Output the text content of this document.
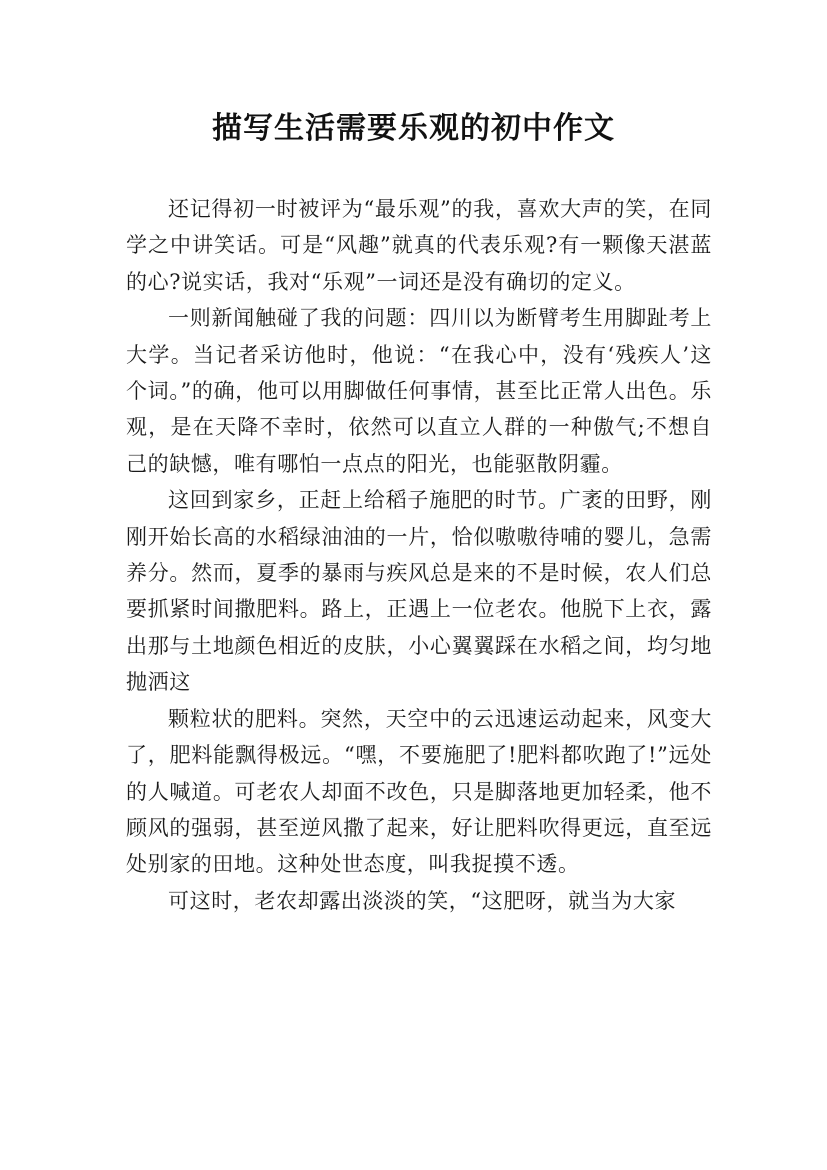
描写生活需要乐观的初中作文

还记得初一时被评为“最乐观”的我，喜欢大声的笑，在同学之中讲笑话。可是“风趣”就真的代表乐观?有一颗像天湛蓝的心?说实话，我对“乐观”一词还是没有确切的定义。

一则新闻触碰了我的问题：四川以为断臂考生用脚趾考上大学。当记者采访他时，他说：“在我心中，没有‘残疾人’这个词。”的确，他可以用脚做任何事情，甚至比正常人出色。乐观，是在天降不幸时，依然可以直立人群的一种傲气;不想自己的缺憾，唯有哪怕一点点的阳光，也能驱散阴霾。

这回到家乡，正赶上给稻子施肥的时节。广袤的田野，刚刚开始长高的水稻绿油油的一片，恰似嗷嗷待哺的婴儿，急需养分。然而，夏季的暴雨与疾风总是来的不是时候，农人们总要抓紧时间撒肥料。路上，正遇上一位老农。他脱下上衣，露出那与土地颜色相近的皮肤，小心翼翼踩在水稻之间，均匀地抛洒这

颗粒状的肥料。突然，天空中的云迅速运动起来，风变大了，肥料能飘得极远。“嘿，不要施肥了!肥料都吹跑了!”远处的人喊道。可老农人却面不改色，只是脚落地更加轻柔，他不顾风的强弱，甚至逆风撒了起来，好让肥料吹得更远，直至远处别家的田地。这种处世态度，叫我捉摸不透。

可这时，老农却露出淡淡的笑，“这肥呀，就当为大家
